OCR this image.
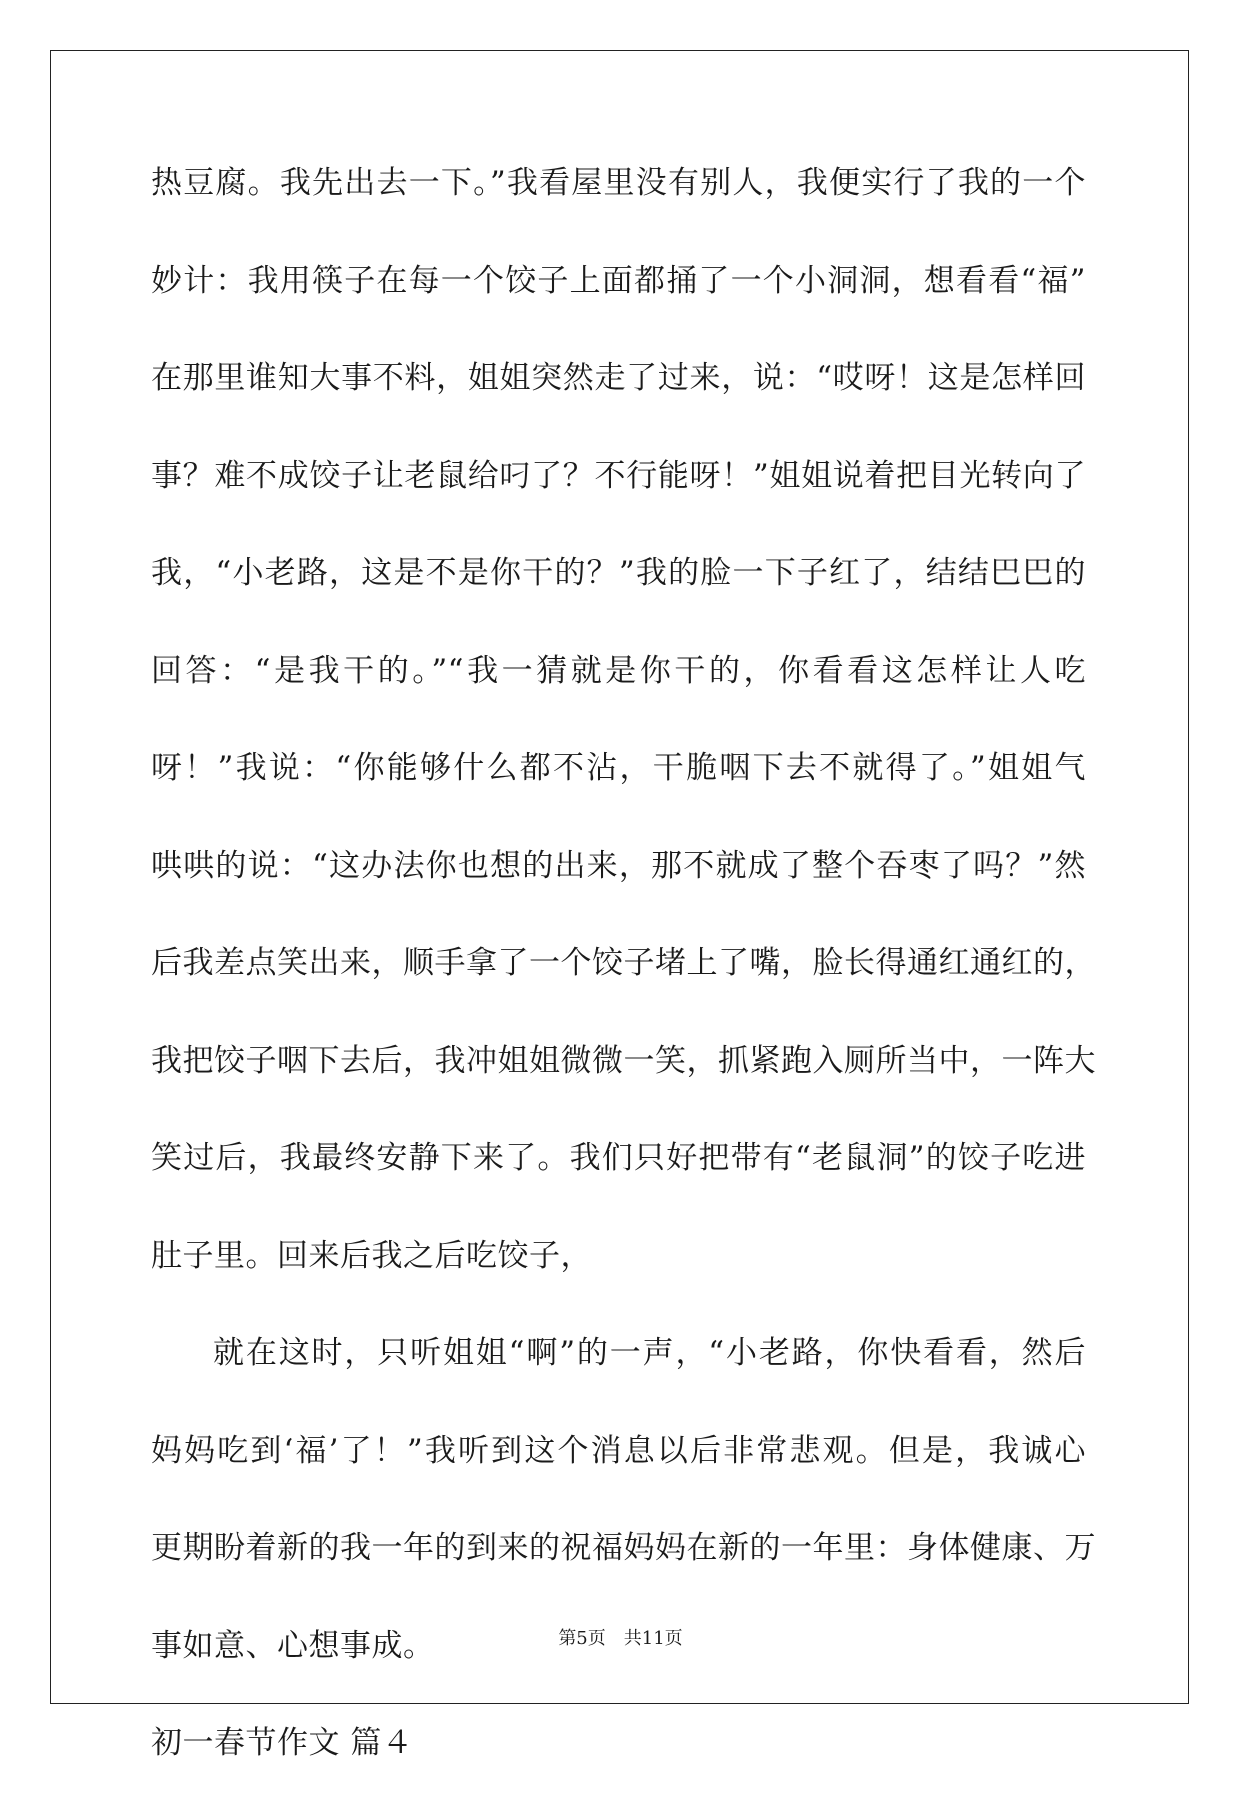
热豆腐。我先出去一下。”我看屋里没有别人，我便实行了我的一个
妙计：我用筷子在每一个饺子上面都捅了一个小洞洞，想看看“福”
在那里谁知大事不料，姐姐突然走了过来，说：“哎呀！这是怎样回
事？难不成饺子让老鼠给叼了？不行能呀！”姐姐说着把目光转向了
我，“小老路，这是不是你干的？”我的脸一下子红了，结结巴巴的
回答：“是我干的。”“我一猜就是你干的，你看看这怎样让人吃
呀！”我说：“你能够什么都不沾，干脆咽下去不就得了。”姐姐气
哄哄的说：“这办法你也想的出来，那不就成了整个吞枣了吗？”然
后我差点笑出来，顺手拿了一个饺子堵上了嘴，脸长得通红通红的，
我把饺子咽下去后，我冲姐姐微微一笑，抓紧跑入厕所当中，一阵大
笑过后，我最终安静下来了。我们只好把带有“老鼠洞”的饺子吃进
肚子里。回来后我之后吃饺子，
就在这时，只听姐姐“啊”的一声，“小老路，你快看看，然后
妈妈吃到‘福’了！”我听到这个消息以后非常悲观。但是，我诚心
更期盼着新的我一年的到来的祝福妈妈在新的一年里：身体健康、万
事如意、心想事成。
初一春节作文 篇４
第5页　 共11页
